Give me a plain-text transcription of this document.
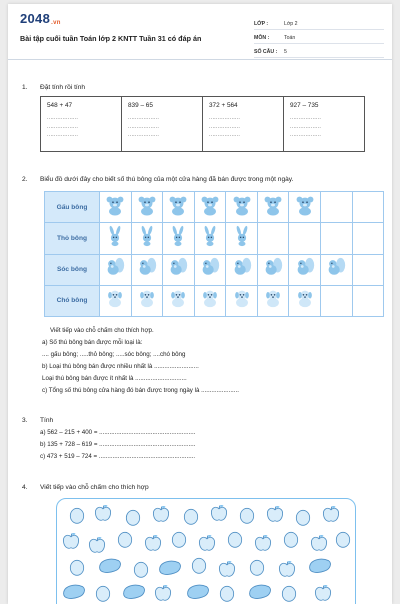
2048.vn
Bài tập cuối tuần Toán lớp 2 KNTT Tuần 31 có đáp án
LỚP :	Lớp 2
MÔN :	Toán
SỐ CÂU :	5
1. Đặt tính rồi tính
548 + 47
..................
..................
..................
839 – 65
..................
..................
..................
372 + 564
..................
..................
..................
927 – 735
..................
..................
..................
2. Biểu đồ dưới đây cho biết số thú bông của một cửa hàng đã bán được trong một ngày.
Gấu bông
Thỏ bông
Sóc bông
Chó bông
Viết tiếp vào chỗ chấm cho thích hợp.
a) Số thú bông bán được mỗi loại là:
.... gấu bông; .....thỏ bông; .....sóc bông; ....chó bông
b) Loại thú bông bán được nhiều nhất là ..........................
Loại thú bông bán được ít nhất là ..............................
c) Tổng số thú bông cửa hàng đó bán được trong ngày là ......................
3. Tính
a) 562 – 215 + 400 = ........................................................
b) 135 + 728 – 619 = ........................................................
c) 473 + 519 – 724 = ........................................................
4. Viết tiếp vào chỗ chấm cho thích hợp
